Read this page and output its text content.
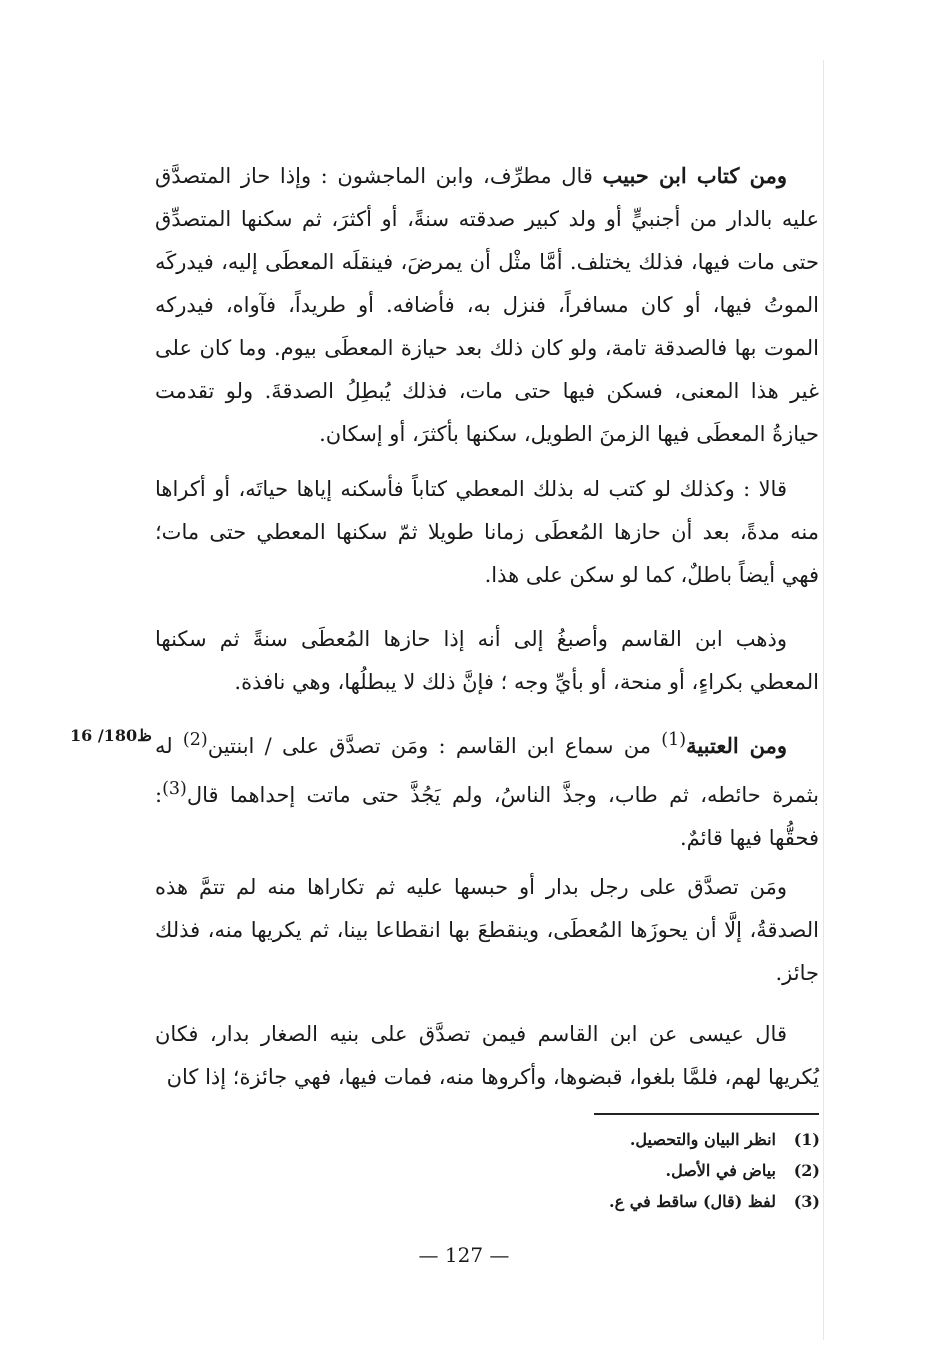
ومن كتاب ابن حبيب قال مطرِّف، وابن الماجشون : وإذا حاز المتصدَّق عليه بالدار من أجنبيٍّ أو ولد كبير صدقته سنةً، أو أكثرَ، ثم سكنها المتصدِّق حتى مات فيها، فذلك يختلف. أمَّا مثْل أن يمرضَ، فينقلَه المعطَى إليه، فيدركَه الموتُ فيها، أو كان مسافراً، فنزل به، فأضافه. أو طريداً، فآواه، فيدركه الموت بها فالصدقة تامة، ولو كان ذلك بعد حيازة المعطَى بيوم. وما كان على غير هذا المعنى، فسكن فيها حتى مات، فذلك يُبطِلُ الصدقةَ. ولو تقدمت حيازةُ المعطَى فيها الزمنَ الطويل، سكنها بأكثرَ، أو إسكان.

قالا : وكذلك لو كتب له بذلك المعطي كتاباً فأسكنه إياها حياتَه، أو أكراها منه مدةً، بعد أن حازها المُعطَى زمانا طويلا ثمّ سكنها المعطي حتى مات؛ فهي أيضاً باطلٌ، كما لو سكن على هذا.

وذهب ابن القاسم وأصبغُ إلى أنه إذا حازها المُعطَى سنةً ثم سكنها المعطي بكراءٍ، أو منحة، أو بأيِّ وجه ؛ فإنَّ ذلك لا يبطلُها، وهي نافذة.

ومن العتبية$^{(1)}$ من سماع ابن القاسم : ومَن تصدَّق على / ابنتين$^{(2)}$ له بثمرة حائطه، ثم طاب، وجذَّ الناسُ، ولم يَجُذَّ حتى ماتت إحداهما قال$^{(3)}$: فحقُّها فيها قائمٌ.

ومَن تصدَّق على رجل بدار أو حبسها عليه ثم تكاراها منه لم تتمَّ هذه الصدقةُ، إلَّا أن يحوزَها المُعطَى، وينقطعَ بها انقطاعا بينا، ثم يكريها منه، فذلك جائز.

قال عيسى عن ابن القاسم فيمن تصدَّق على بنيه الصغار بدار، فكان يُكريها لهم، فلمَّا بلغوا، قبضوها، وأكروها منه، فمات فيها، فهي جائزة؛ إذا كان

16 /180ظ
(1)انظر البيان والتحصيل.
(2)بياض في الأصل.
(3)لفظ (قال) ساقط في ع.
— 127 —
